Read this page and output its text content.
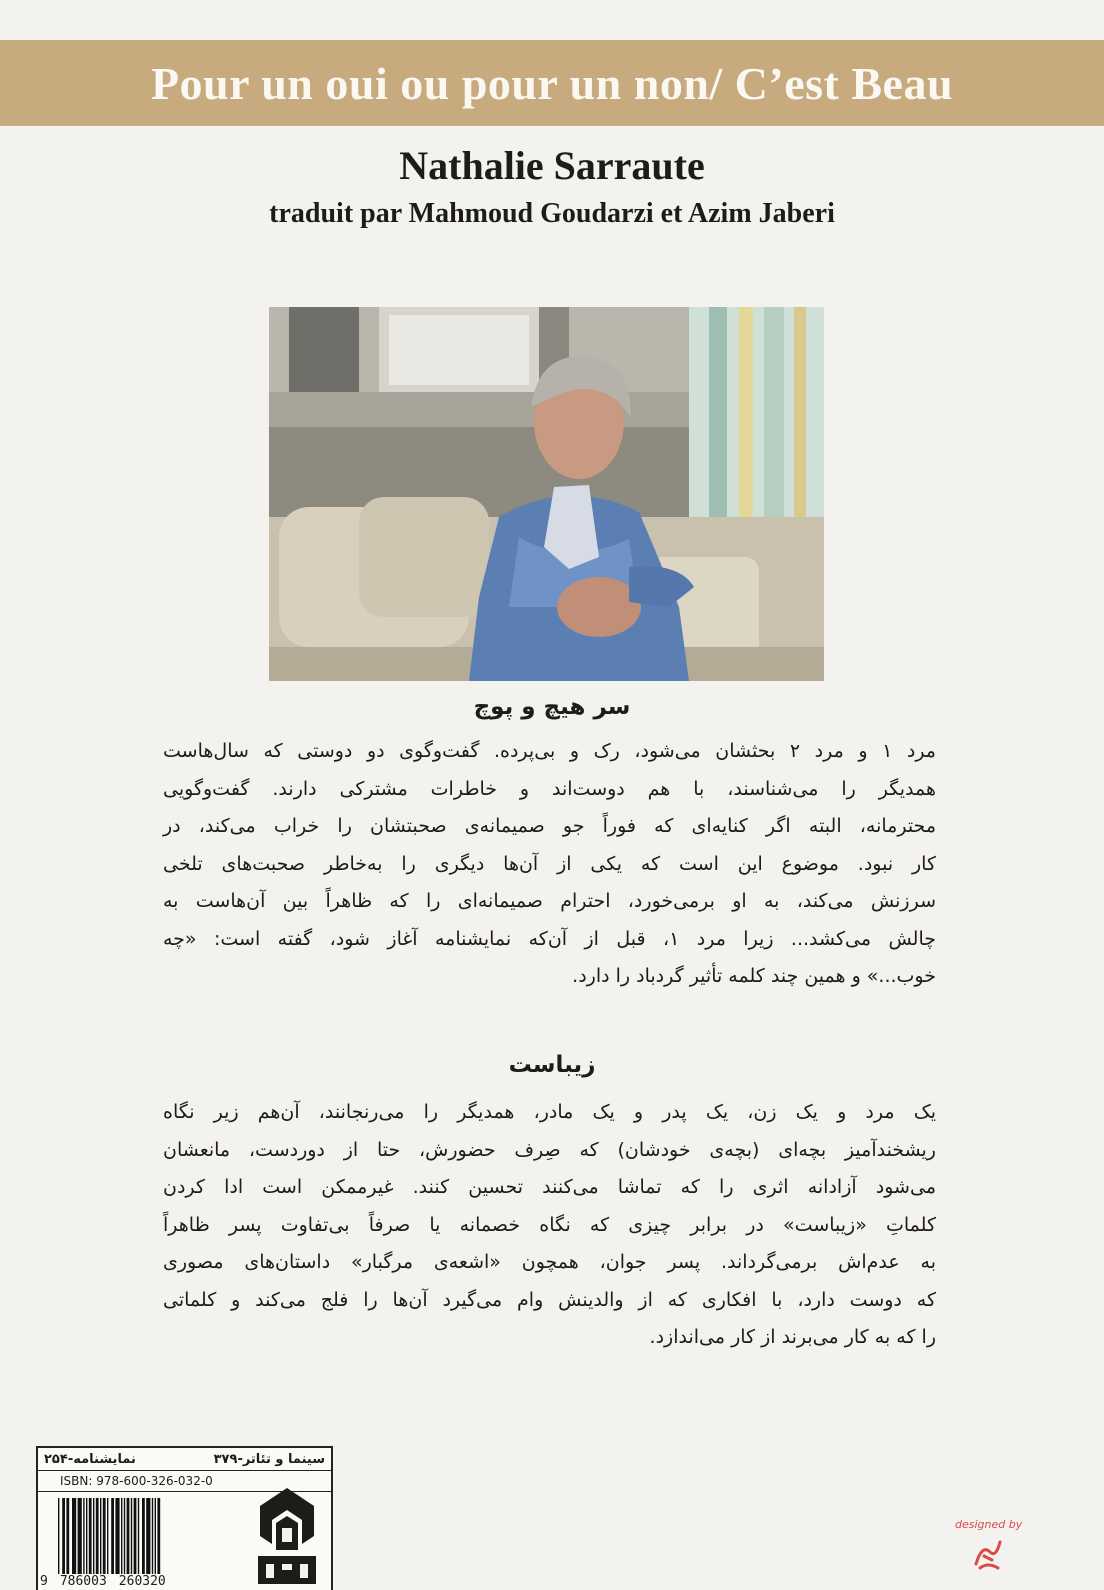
Pour un oui ou pour un non/ C’est Beau
Nathalie Sarraute
traduit par Mahmoud Goudarzi et Azim Jaberi
سر هیچ و پوچ
مرد ۱ و مرد ۲ بحثشان می‌شود، رک و بی‌پرده. گفت‌وگوی دو دوستی که سال‌هاست
همدیگر را می‌شناسند، با هم دوست‌اند و خاطرات مشترکی دارند. گفت‌وگویی
محترمانه، البته اگر کنایه‌ای که فوراً جو صمیمانه‌ی صحبتشان را خراب می‌کند، در
کار نبود. موضوع این است که یکی از آن‌ها دیگری را به‌خاطر صحبت‌های تلخی
سرزنش می‌کند، به او برمی‌خورد، احترام صمیمانه‌ای را که ظاهراً بین آن‌هاست به
چالش می‌کشد... زیرا مرد ۱، قبل از آن‌که نمایشنامه آغاز شود، گفته است: «چه
خوب...» و همین چند کلمه تأثیر گردباد را دارد.
زیباست
یک مرد و یک زن، یک پدر و یک مادر، همدیگر را می‌رنجانند، آن‌هم زیر نگاه
ریشخندآمیز بچه‌ای (بچه‌ی خودشان) که صِرف حضورش، حتا از دوردست، مانعشان
می‌شود آزادانه اثری را که تماشا می‌کنند تحسین کنند. غیرممکن است ادا کردن
کلماتِ «زیباست» در برابر چیزی که نگاه خصمانه یا صرفاً بی‌تفاوت پسر ظاهراً
به عدم‌اش برمی‌گرداند. پسر جوان، همچون «اشعه‌ی مرگبار» داستان‌های مصوری
که دوست دارد، با افکاری که از والدینش وام می‌گیرد آن‌ها را فلج می‌کند و کلماتی
را که به کار می‌برند از کار می‌اندازد.
سینما و تئاتر-۳۷۹
نمایشنامه-۲۵۴
ISBN: 978-600-326-032-0
9 786003 260320
designed by
